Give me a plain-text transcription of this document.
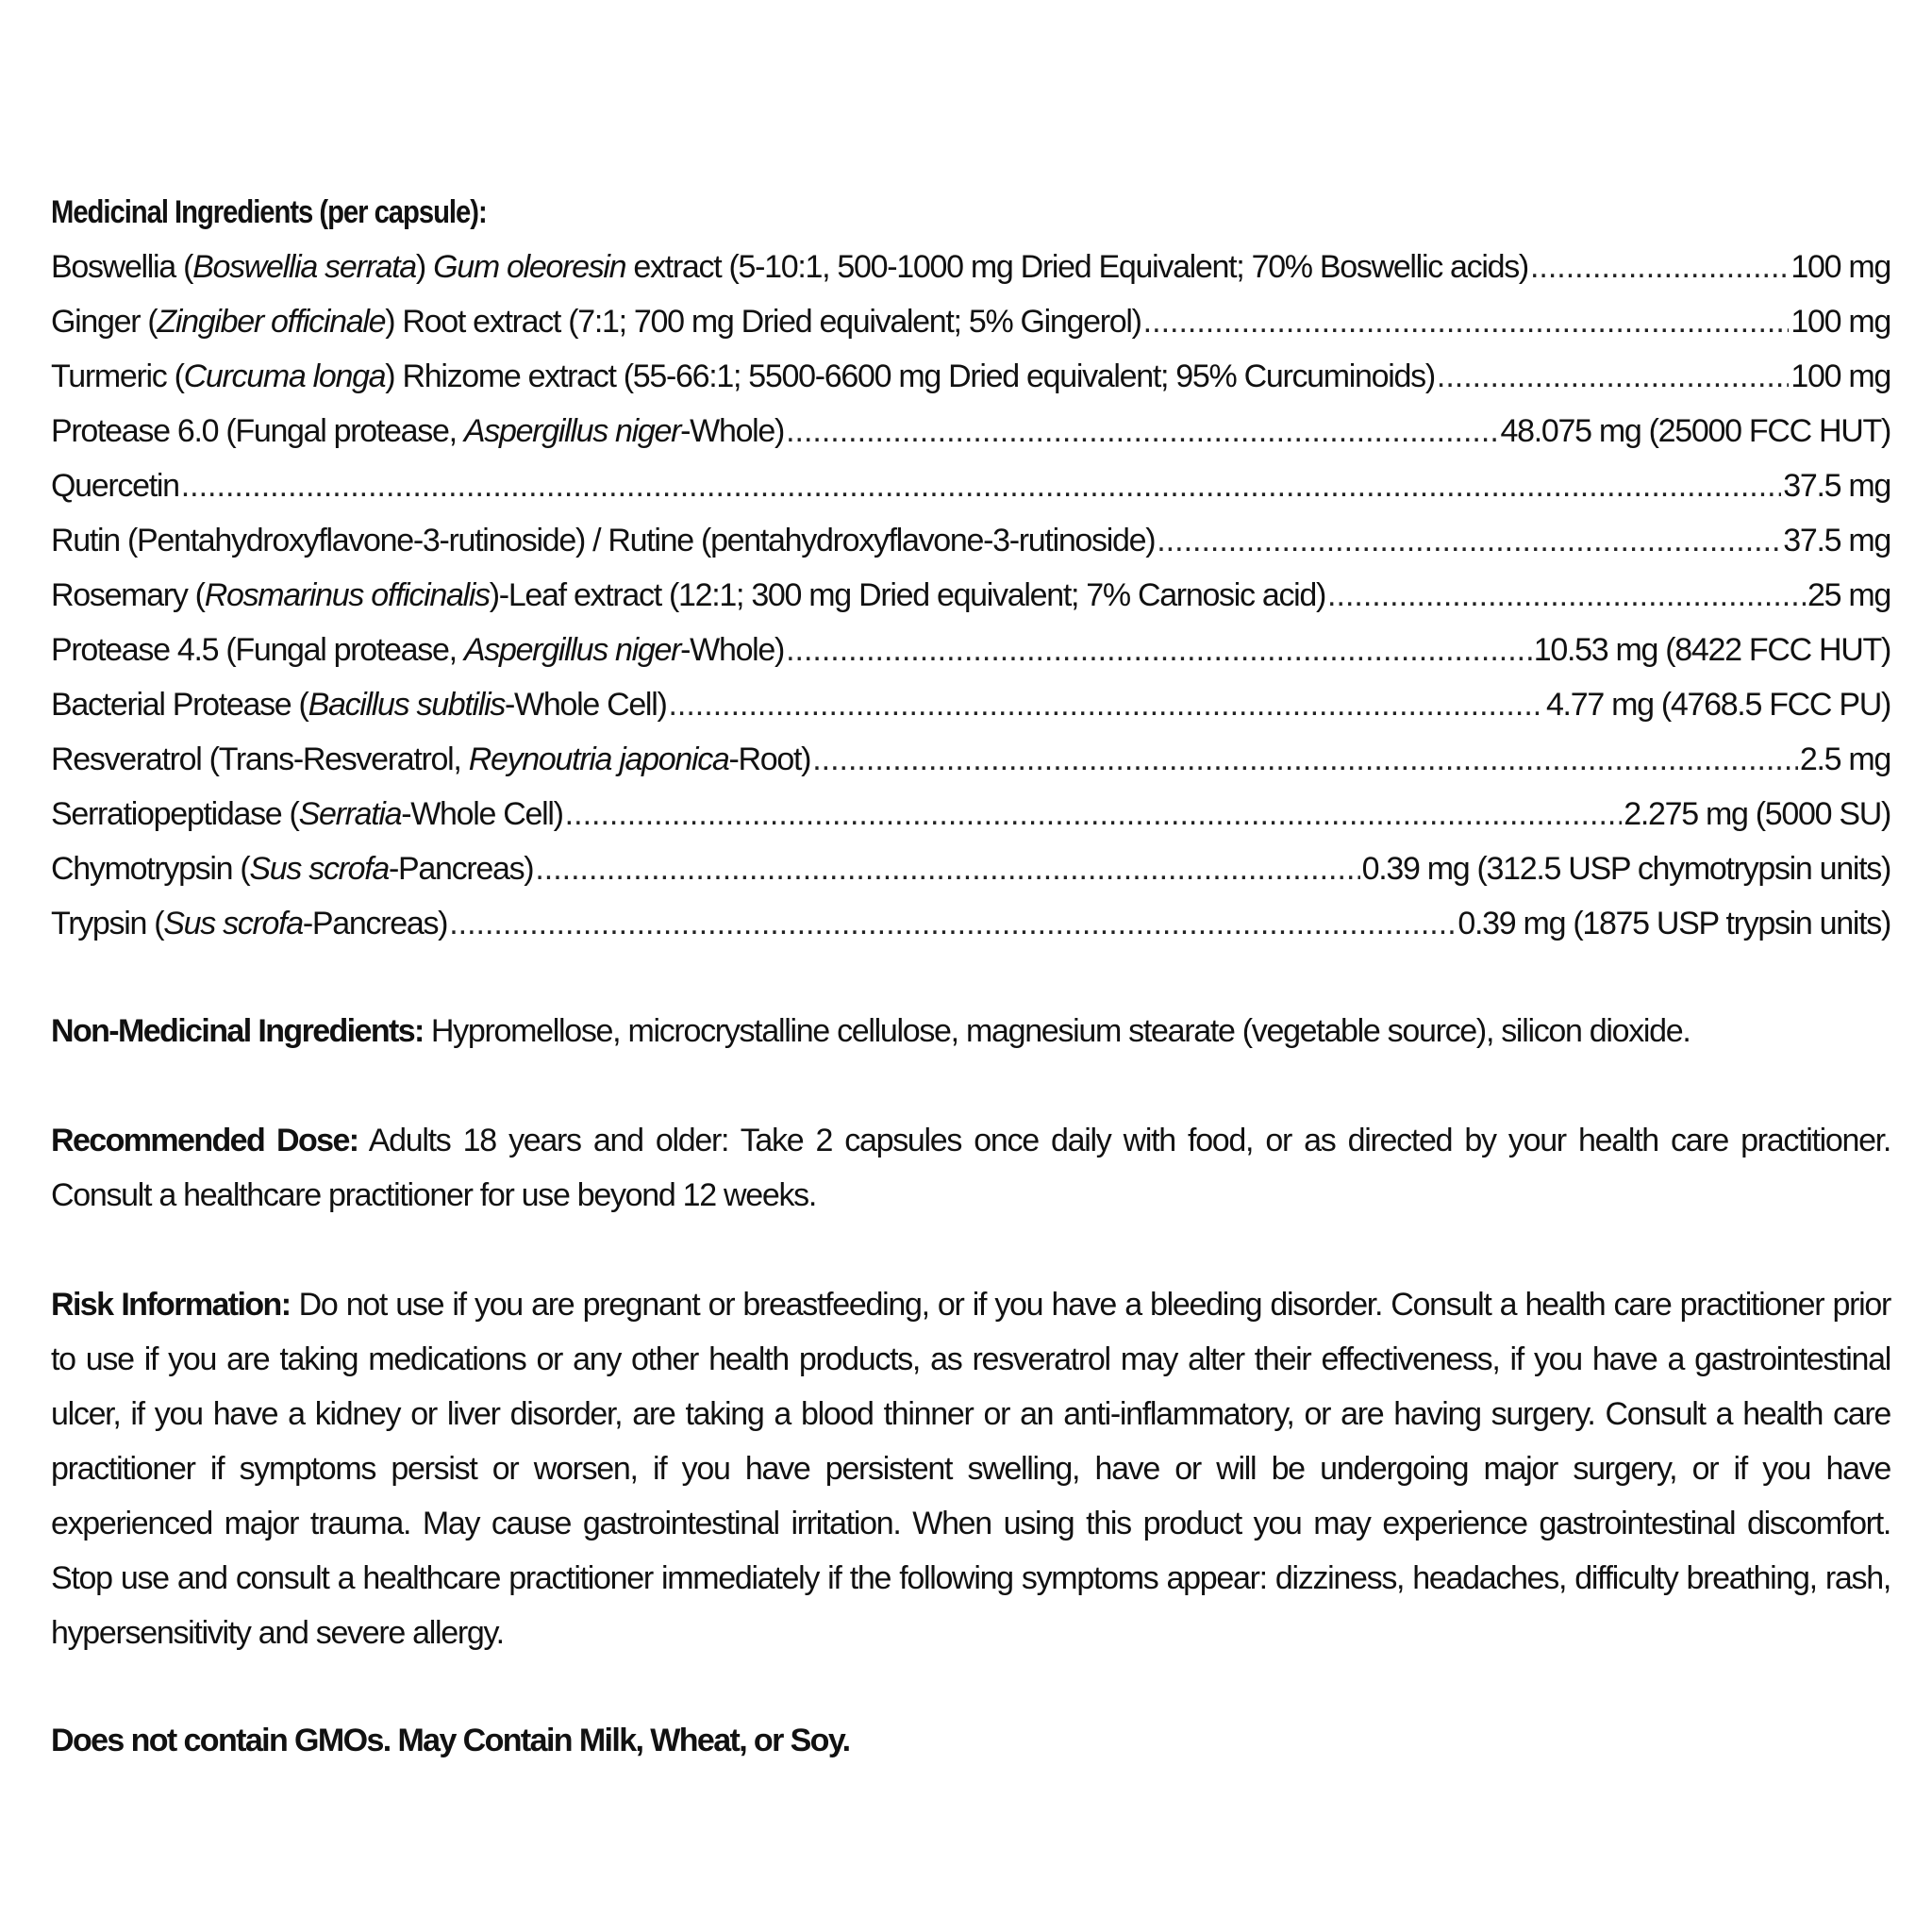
Medicinal Ingredients (per capsule):
Boswellia (Boswellia serrata) Gum oleoresin extract (5-10:1, 500-1000 mg Dried Equivalent; 70% Boswellic acids) .....	100 mg
Ginger (Zingiber officinale) Root extract (7:1; 700 mg Dried equivalent; 5% Gingerol) .....	100 mg
Turmeric (Curcuma longa) Rhizome extract (55-66:1; 5500-6600 mg Dried equivalent; 95% Curcuminoids) .....	100 mg
Protease 6.0 (Fungal protease, Aspergillus niger-Whole) .....	48.075 mg (25000 FCC HUT)
Quercetin .....	37.5 mg
Rutin (Pentahydroxyflavone-3-rutinoside) / Rutine (pentahydroxyflavone-3-rutinoside) .....	37.5 mg
Rosemary (Rosmarinus officinalis)-Leaf extract (12:1; 300 mg Dried equivalent; 7% Carnosic acid) .....	25 mg
Protease 4.5 (Fungal protease, Aspergillus niger-Whole) .....	10.53 mg (8422 FCC HUT)
Bacterial Protease (Bacillus subtilis-Whole Cell) .....	4.77 mg (4768.5 FCC PU)
Resveratrol (Trans-Resveratrol, Reynoutria japonica-Root) .....	2.5 mg
Serratiopeptidase (Serratia-Whole Cell) .....	2.275 mg (5000 SU)
Chymotrypsin (Sus scrofa-Pancreas) .....	0.39 mg (312.5 USP chymotrypsin units)
Trypsin (Sus scrofa-Pancreas) .....	0.39 mg (1875 USP trypsin units)

Non-Medicinal Ingredients: Hypromellose, microcrystalline cellulose, magnesium stearate (vegetable source), silicon dioxide.

Recommended Dose: Adults 18 years and older: Take 2 capsules once daily with food, or as directed by your health care practitioner. Consult a healthcare practitioner for use beyond 12 weeks.

Risk Information: Do not use if you are pregnant or breastfeeding, or if you have a bleeding disorder. Consult a health care practitioner prior to use if you are taking medications or any other health products, as resveratrol may alter their effectiveness, if you have a gastrointestinal ulcer, if you have a kidney or liver disorder, are taking a blood thinner or an anti-inflammatory, or are having surgery. Consult a health care practitioner if symptoms persist or worsen, if you have persistent swelling, have or will be undergoing major surgery, or if you have experienced major trauma. May cause gastrointestinal irritation. When using this product you may experience gastrointestinal discomfort. Stop use and consult a healthcare practitioner immediately if the following symptoms appear: dizziness, headaches, difficulty breathing, rash, hypersensitivity and severe allergy.

Does not contain GMOs. May Contain Milk, Wheat, or Soy.
